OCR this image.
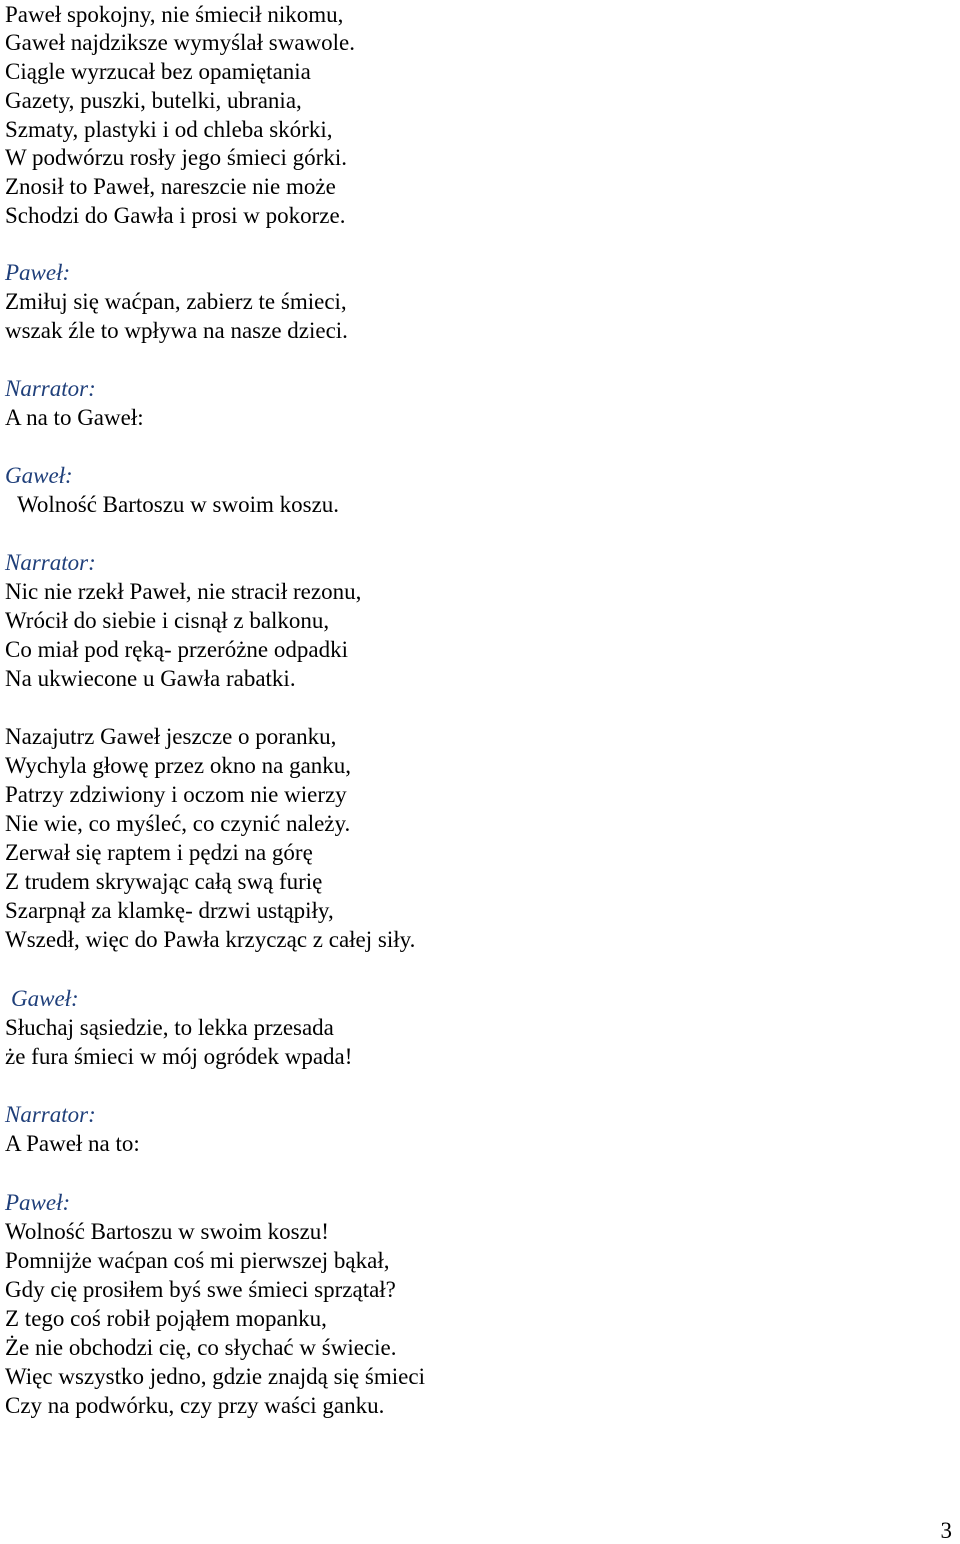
Paweł spokojny, nie śmiecił nikomu,
Gaweł najdziksze wymyślał swawole.
Ciągle wyrzucał bez opamiętania
Gazety, puszki, butelki, ubrania,
Szmaty, plastyki i od chleba skórki,
W podwórzu rosły jego śmieci górki.
Znosił to Paweł, nareszcie nie może
Schodzi do Gawła i prosi w pokorze.
Paweł:
Zmiłuj się waćpan, zabierz te śmieci,
wszak źle to wpływa na nasze dzieci.
Narrator:
A na to Gaweł:
Gaweł:
Wolność Bartoszu w swoim koszu.
Narrator:
Nic nie rzekł Paweł, nie stracił rezonu,
Wrócił do siebie i cisnął z balkonu,
Co miał pod ręką- przeróżne odpadki
Na ukwiecone u Gawła rabatki.
Nazajutrz Gaweł jeszcze o poranku,
Wychyla głowę przez okno na ganku,
Patrzy zdziwiony i oczom nie wierzy
Nie wie, co myśleć, co czynić należy.
Zerwał się raptem i pędzi na górę
Z trudem skrywając całą swą furię
Szarpnął za klamkę- drzwi ustąpiły,
Wszedł, więc do Pawła krzycząc z całej siły.
Gaweł:
Słuchaj sąsiedzie, to lekka przesada
że fura śmieci w mój ogródek wpada!
Narrator:
A Paweł na to:
Paweł:
Wolność Bartoszu w swoim koszu!
Pomnijże waćpan coś mi pierwszej bąkał,
Gdy cię prosiłem byś swe śmieci sprzątał?
Z tego coś robił pojąłem mopanku,
Że nie obchodzi cię, co słychać w świecie.
Więc wszystko jedno, gdzie znajdą się śmieci
Czy na podwórku, czy przy waści ganku.
3
